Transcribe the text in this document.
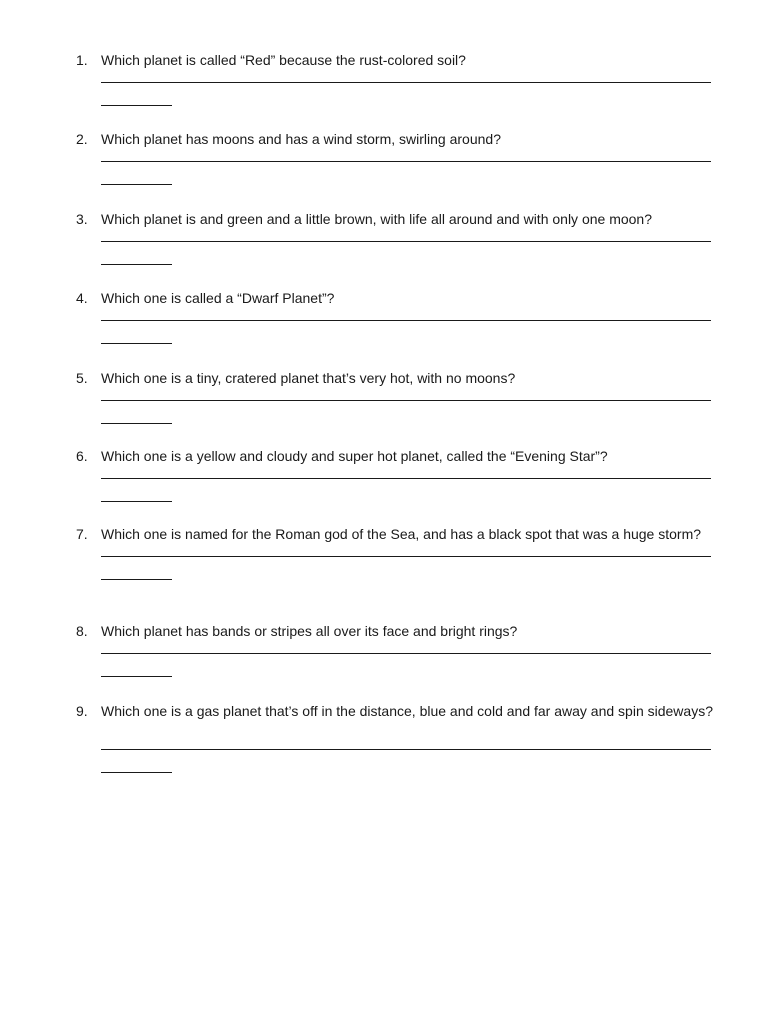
1. Which planet is called “Red” because the rust-colored soil?
2. Which planet has moons and has a wind storm, swirling around?
3. Which planet is and green and a little brown, with life all around and with only one moon?
4. Which one is called a “Dwarf Planet”?
5. Which one is a tiny, cratered planet that’s very hot, with no moons?
6. Which one is a yellow and cloudy and super hot planet, called the “Evening Star”?
7. Which one is named for the Roman god of the Sea, and has a black spot that was a huge storm?
8. Which planet has bands or stripes all over its face and bright rings?
9. Which one is a gas planet that’s off in the distance, blue and cold and far away and spin sideways?
